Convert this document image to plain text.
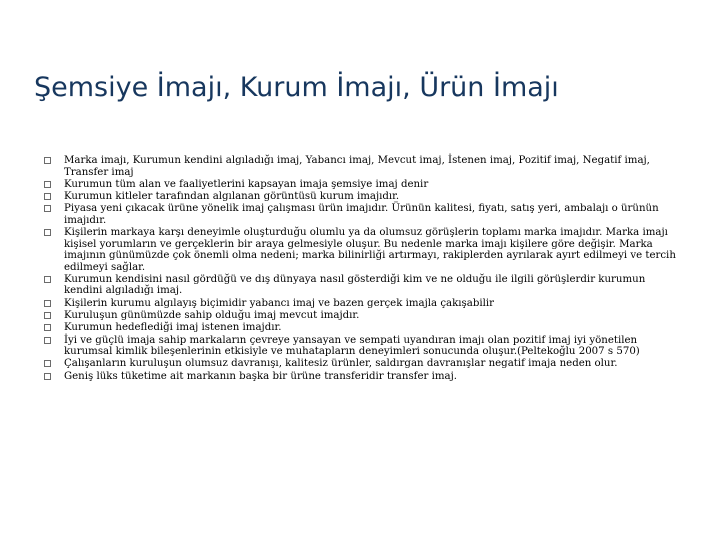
Şemsiye İmajı, Kurum İmajı, Ürün İmajı
Marka imajı, Kurumun kendini algıladığı imaj, Yabancı imaj, Mevcut imaj, İstenen imaj, Pozitif imaj, Negatif imaj, Transfer imaj
Kurumun tüm alan ve faaliyetlerini kapsayan imaja şemsiye imaj denir
Kurumun kitleler tarafından algılanan görüntüsü kurum imajıdır.
Piyasa yeni çıkacak ürüne yönelik imaj çalışması ürün imajıdır. Ürünün kalitesi, fiyatı, satış yeri, ambalajı o ürünün imajıdır.
Kişilerin markaya karşı deneyimle oluşturduğu olumlu ya da olumsuz görüşlerin toplamı marka imajıdır. Marka imajı kişisel yorumların ve gerçeklerin bir araya gelmesiyle oluşur. Bu nedenle marka imajı kişilere göre değişir. Marka imajının günümüzde çok önemli olma nedeni; marka bilinirliği artırmayı, rakiplerden ayrılarak ayırt edilmeyi ve tercih edilmeyi sağlar.
Kurumun kendisini nasıl gördüğü ve dış dünyaya nasıl gösterdiği kim ve ne olduğu ile ilgili görüşlerdir kurumun kendini algıladığı imaj.
Kişilerin kurumu algılayış biçimidir yabancı imaj ve bazen gerçek imajla çakışabilir
Kuruluşun günümüzde sahip olduğu imaj mevcut imajdır.
Kurumun hedeflediği imaj istenen imajdır.
İyi ve güçlü imaja sahip markaların çevreye yansayan ve sempati uyandıran imajı olan pozitif imaj iyi yönetilen kurumsal kimlik bileşenlerinin etkisiyle ve muhatapların deneyimleri sonucunda oluşur.(Peltekoğlu 2007 s 570)
Çalışanların kuruluşun olumsuz davranışı, kalitesiz ürünler, saldırgan davranışlar negatif imaja neden olur.
Geniş lüks tüketime ait markanın başka bir ürüne transferidir transfer imaj.
